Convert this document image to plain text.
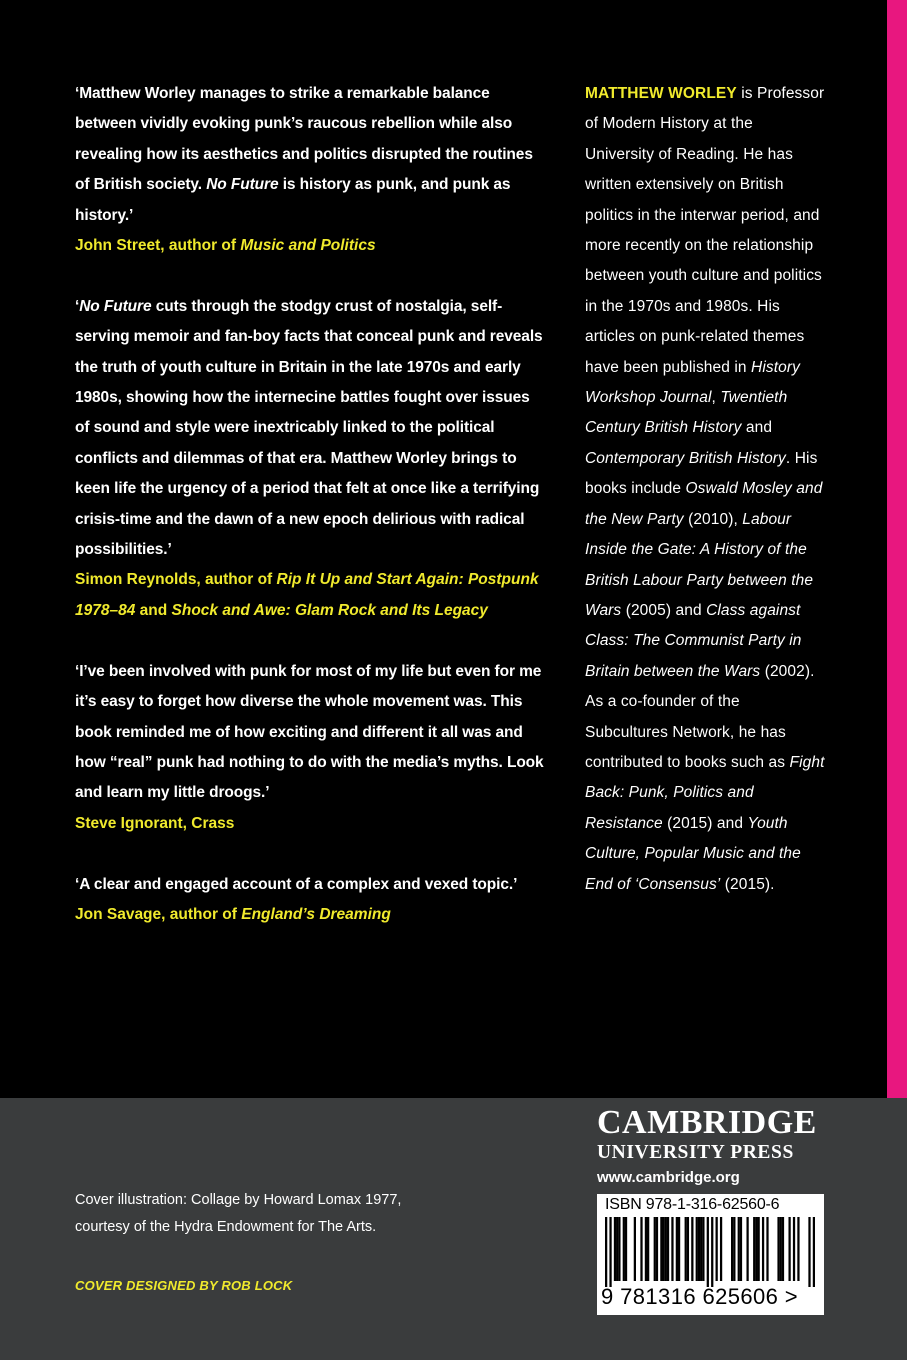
‘Matthew Worley manages to strike a remarkable balance between vividly evoking punk’s raucous rebellion while also revealing how its aesthetics and politics disrupted the routines of British society. No Future is history as punk, and punk as history.’
John Street, author of Music and Politics
‘No Future cuts through the stodgy crust of nostalgia, self-serving memoir and fan-boy facts that conceal punk and reveals the truth of youth culture in Britain in the late 1970s and early 1980s, showing how the internecine battles fought over issues of sound and style were inextricably linked to the political conflicts and dilemmas of that era. Matthew Worley brings to keen life the urgency of a period that felt at once like a terrifying crisis-time and the dawn of a new epoch delirious with radical possibilities.’
Simon Reynolds, author of Rip It Up and Start Again: Postpunk 1978–84 and Shock and Awe: Glam Rock and Its Legacy
‘I’ve been involved with punk for most of my life but even for me it’s easy to forget how diverse the whole movement was. This book reminded me of how exciting and different it all was and how “real” punk had nothing to do with the media’s myths. Look and learn my little droogs.’
Steve Ignorant, Crass
‘A clear and engaged account of a complex and vexed topic.’
Jon Savage, author of England’s Dreaming
MATTHEW WORLEY is Professor of Modern History at the University of Reading. He has written extensively on British politics in the interwar period, and more recently on the relationship between youth culture and politics in the 1970s and 1980s. His articles on punk-related themes have been published in History Workshop Journal, Twentieth Century British History and Contemporary British History. His books include Oswald Mosley and the New Party (2010), Labour Inside the Gate: A History of the British Labour Party between the Wars (2005) and Class against Class: The Communist Party in Britain between the Wars (2002). As a co-founder of the Subcultures Network, he has contributed to books such as Fight Back: Punk, Politics and Resistance (2015) and Youth Culture, Popular Music and the End of ‘Consensus’ (2015).
Cover illustration: Collage by Howard Lomax 1977,
courtesy of the Hydra Endowment for The Arts.
COVER DESIGNED BY ROB LOCK
CAMBRIDGE
UNIVERSITY PRESS
www.cambridge.org
ISBN 978-1-316-62560-6
9 781316 625606 >
